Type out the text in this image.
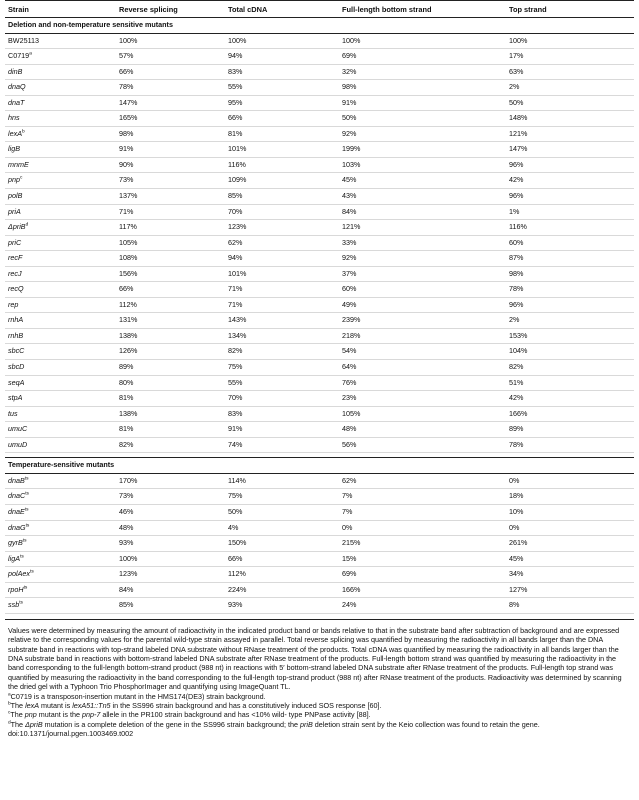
Strain	Reverse splicing	Total cDNA	Full-length bottom strand	Top strand
Deletion and non-temperature sensitive mutants				
BW25113	100%	100%	100%	100%
C0719$^a$	57%	94%	69%	17%
dinB	66%	83%	32%	63%
dnaQ	78%	55%	98%	2%
dnaT	147%	95%	91%	50%
hns	165%	66%	50%	148%
lexA$^b$	98%	81%	92%	121%
ligB	91%	101%	199%	147%
mnmE	90%	116%	103%	96%
pnp$^c$	73%	109%	45%	42%
polB	137%	85%	43%	96%
priA	71%	70%	84%	1%
ΔpriB$^d$	117%	123%	121%	116%
priC	105%	62%	33%	60%
recF	108%	94%	92%	87%
recJ	156%	101%	37%	98%
recQ	66%	71%	60%	78%
rep	112%	71%	49%	96%
rnhA	131%	143%	239%	2%
rnhB	138%	134%	218%	153%
sbcC	126%	82%	54%	104%
sbcD	89%	75%	64%	82%
seqA	80%	55%	76%	51%
stpA	81%	70%	23%	42%
tus	138%	83%	105%	166%
umuC	81%	91%	48%	89%
umuD	82%	74%	56%	78%

Temperature-sensitive mutants				
dnaB$^{ts}$	170%	114%	62%	0%
dnaC$^{ts}$	73%	75%	7%	18%
dnaE$^{ts}$	46%	50%	7%	10%
dnaG$^{ts}$	48%	4%	0%	0%
gyrB$^{ts}$	93%	150%	215%	261%
ligA$^{ts}$	100%	66%	15%	45%
polAex$^{ts}$	123%	112%	69%	34%
rpoH$^{ts}$	84%	224%	166%	127%
ssb$^{ts}$	85%	93%	24%	8%

Values were determined by measuring the amount of radioactivity in the indicated product band or bands relative to that in the substrate band after subtraction of background and are expressed relative to the corresponding values for the parental wild-type strain assayed in parallel. Total reverse splicing was quantified by measuring the radioactivity in all bands larger than the DNA substrate band in reactions with top-strand labeled DNA substrate without RNase treatment of the products. Total cDNA was quantified by measuring the radioactivity in all bands larger than the DNA substrate band in reactions with bottom-strand labeled DNA substrate after RNase treatment of the products. Full-length bottom strand was quantified by measuring the radioactivity in the band corresponding to the full-length bottom-strand product (988 nt) in reactions with 5′ bottom-strand labeled DNA substrate after RNase treatment of the products. Full-length top strand was quantified by measuring the radioactivity in the band corresponding to the full-length top-strand product (988 nt) after RNase treatment of the products. Radioactivity was determined by scanning the dried gel with a Typhoon Trio PhosphorImager and quantifying using ImageQuant TL.

$^a$C0719 is a transposon-insertion mutant in the HMS174(DE3) strain background.

$^b$The lexA mutant is lexA51::Tn5 in the SS996 strain background and has a constitutively induced SOS response [60].

$^c$The pnp mutant is the pnp-7 allele in the PR100 strain background and has <10% wild- type PNPase activity [88].

$^d$The ΔpriB mutation is a complete deletion of the gene in the SS996 strain background; the priB deletion strain sent by the Keio collection was found to retain the gene.

doi:10.1371/journal.pgen.1003469.t002
